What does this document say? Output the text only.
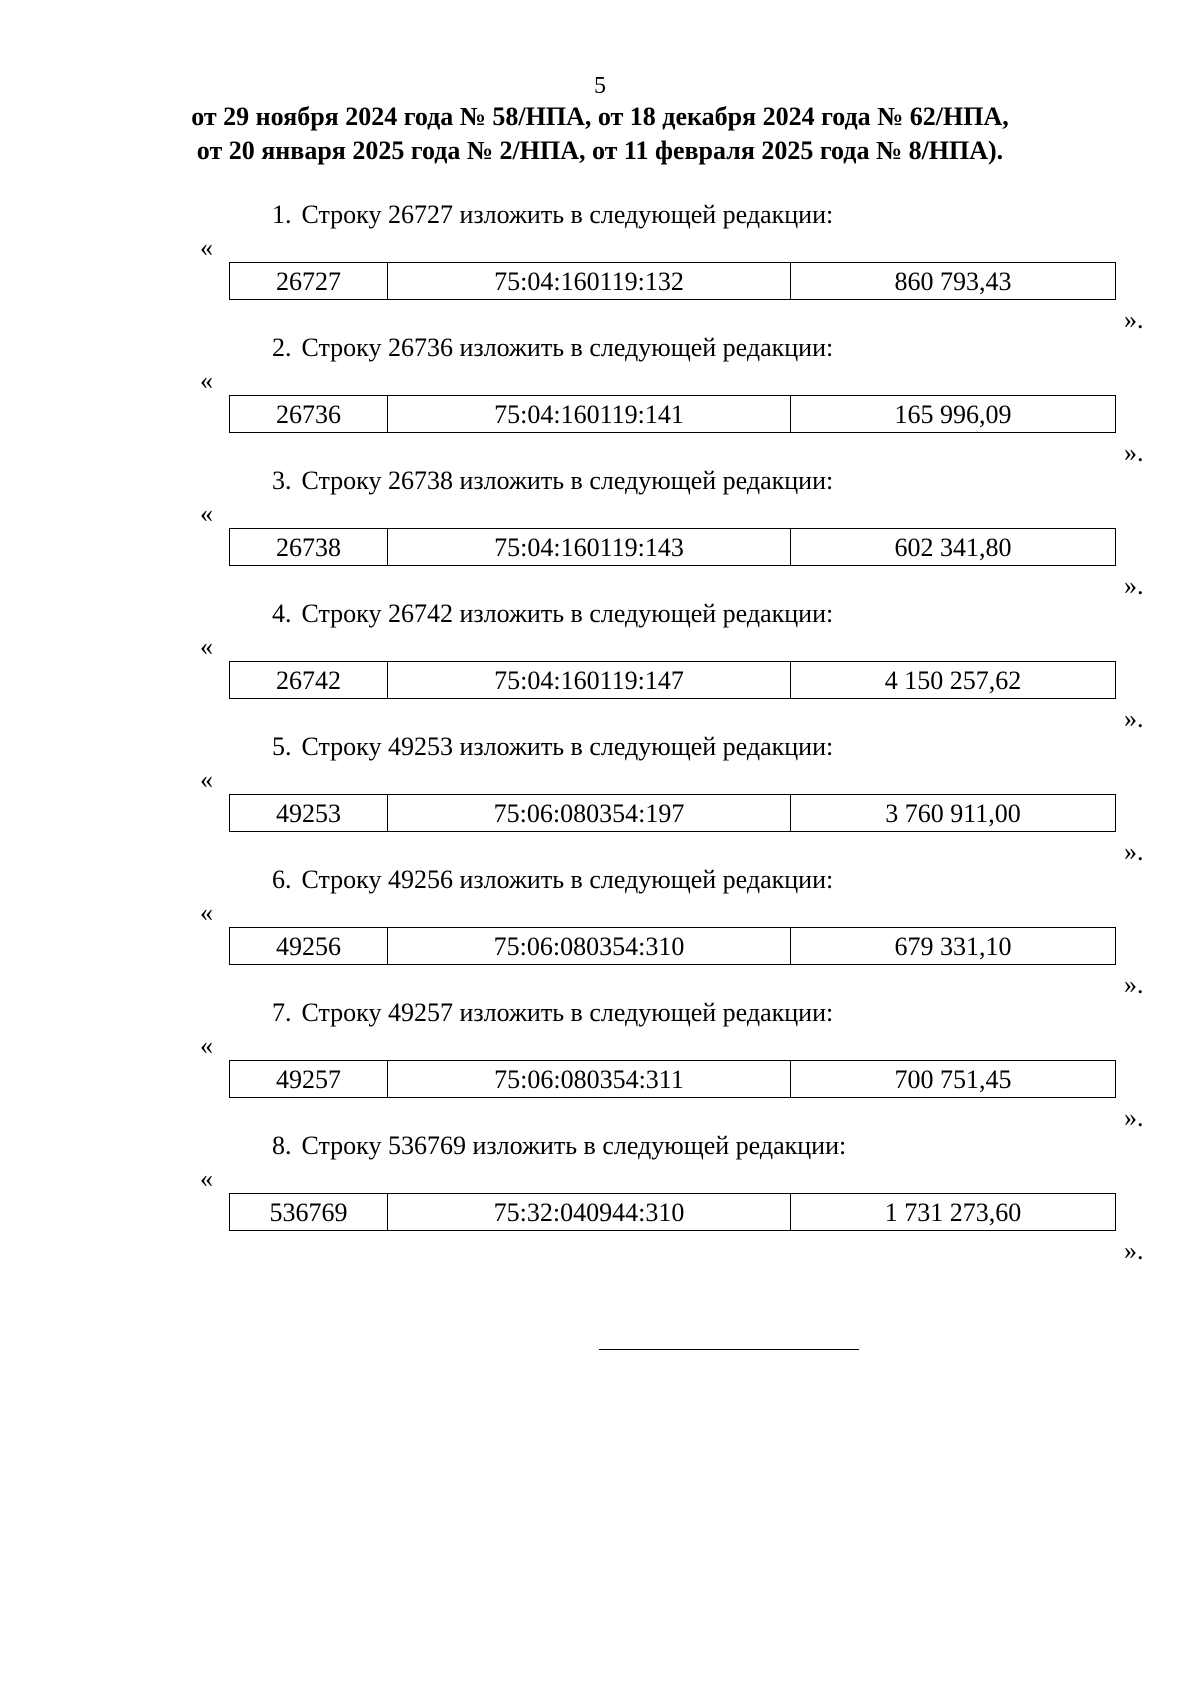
5
от 29 ноября 2024 года № 58/НПА, от 18 декабря 2024 года № 62/НПА,
от 20 января 2025 года № 2/НПА, от 11 февраля 2025 года № 8/НПА).
1. Строку 26727 изложить в следующей редакции:
«
26727	75:04:160119:132	860 793,43
».
2. Строку 26736 изложить в следующей редакции:
«
26736	75:04:160119:141	165 996,09
».
3. Строку 26738 изложить в следующей редакции:
«
26738	75:04:160119:143	602 341,80
».
4. Строку 26742 изложить в следующей редакции:
«
26742	75:04:160119:147	4 150 257,62
».
5. Строку 49253 изложить в следующей редакции:
«
49253	75:06:080354:197	3 760 911,00
».
6. Строку 49256 изложить в следующей редакции:
«
49256	75:06:080354:310	679 331,10
».
7. Строку 49257 изложить в следующей редакции:
«
49257	75:06:080354:311	700 751,45
».
8. Строку 536769 изложить в следующей редакции:
«
536769	75:32:040944:310	1 731 273,60
».
